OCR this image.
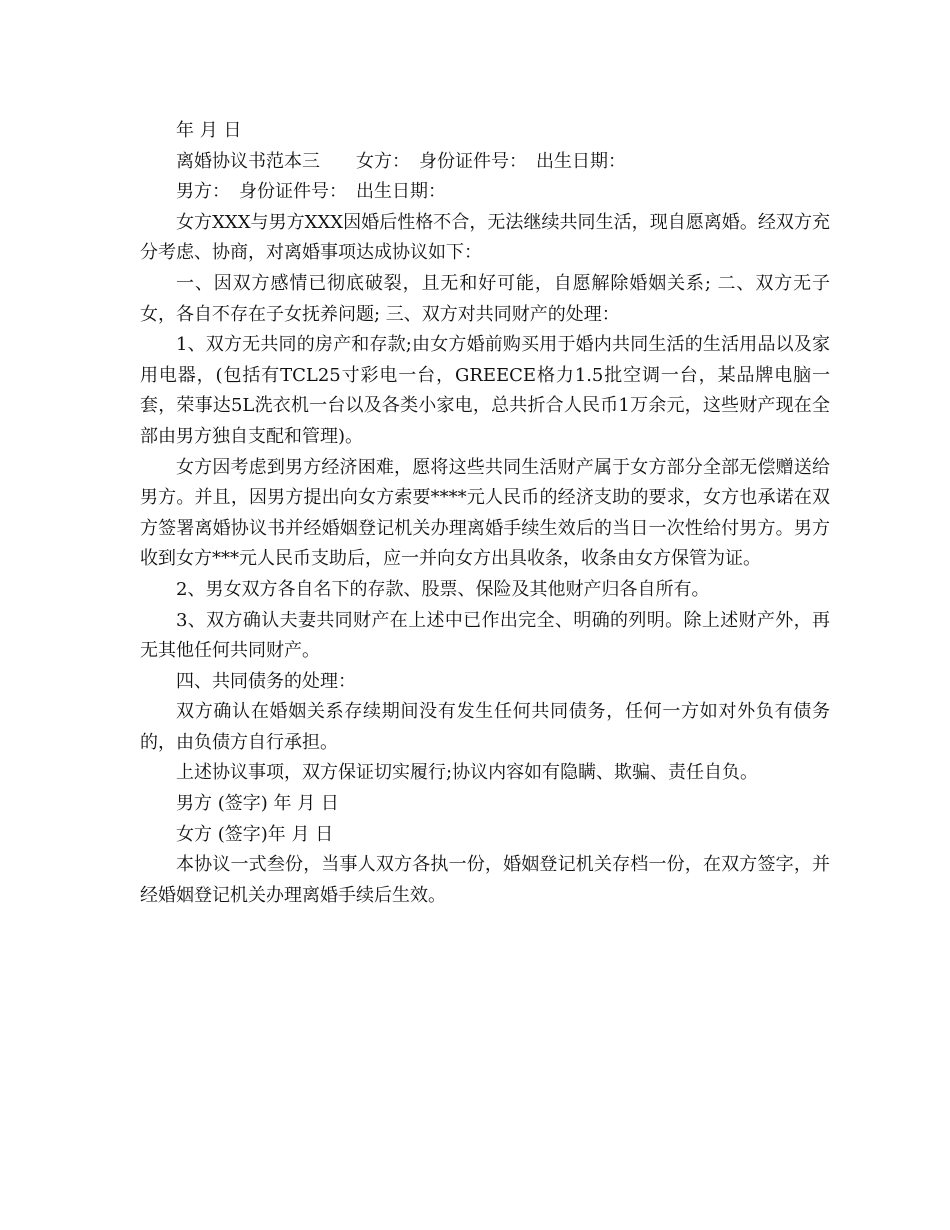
年 月 日

离婚协议书范本三　　女方：　身份证件号：　出生日期：

男方：　身份证件号：　出生日期：

女方XXX与男方XXX因婚后性格不合，无法继续共同生活，现自愿离婚。经双方充分考虑、协商，对离婚事项达成协议如下：

一、因双方感情已彻底破裂，且无和好可能，自愿解除婚姻关系; 二、双方无子女，各自不存在子女抚养问题; 三、双方对共同财产的处理：

1、双方无共同的房产和存款;由女方婚前购买用于婚内共同生活的生活用品以及家用电器，(包括有TCL25寸彩电一台，GREECE格力1.5批空调一台，某品牌电脑一套，荣事达5L洗衣机一台以及各类小家电，总共折合人民币1万余元，这些财产现在全部由男方独自支配和管理)。

女方因考虑到男方经济困难，愿将这些共同生活财产属于女方部分全部无偿赠送给男方。并且，因男方提出向女方索要****元人民币的经济支助的要求，女方也承诺在双方签署离婚协议书并经婚姻登记机关办理离婚手续生效后的当日一次性给付男方。男方收到女方***元人民币支助后，应一并向女方出具收条，收条由女方保管为证。

2、男女双方各自名下的存款、股票、保险及其他财产归各自所有。

3、双方确认夫妻共同财产在上述中已作出完全、明确的列明。除上述财产外，再无其他任何共同财产。

四、共同债务的处理：

双方确认在婚姻关系存续期间没有发生任何共同债务，任何一方如对外负有债务的，由负债方自行承担。

上述协议事项，双方保证切实履行;协议内容如有隐瞒、欺骗、责任自负。

男方 (签字) 年 月 日

女方 (签字)年 月 日

本协议一式叁份，当事人双方各执一份，婚姻登记机关存档一份，在双方签字，并经婚姻登记机关办理离婚手续后生效。
